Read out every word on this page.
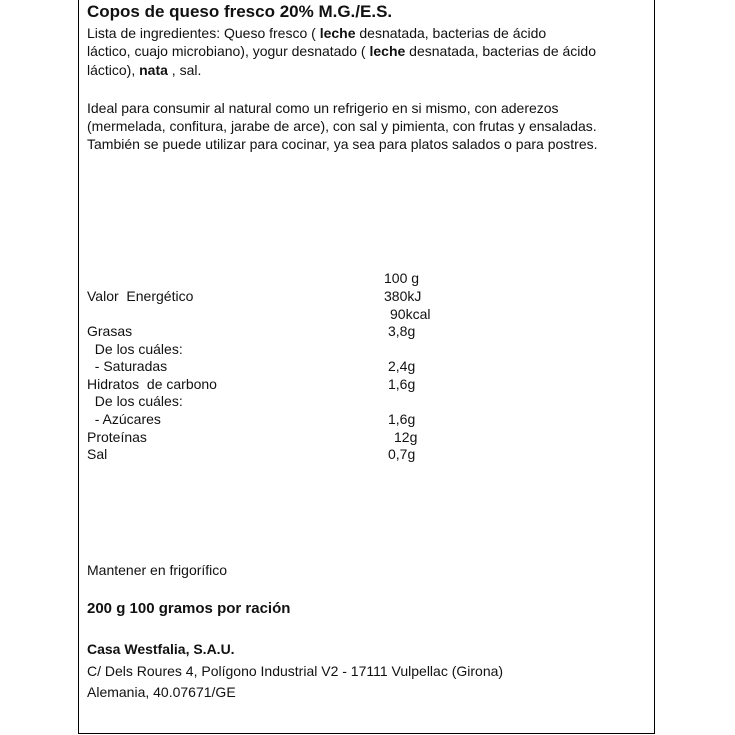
Copos de queso fresco 20% M.G./E.S.
Lista de ingredientes: Queso fresco ( leche desnatada, bacterias de ácido
láctico, cuajo microbiano), yogur desnatado ( leche desnatada, bacterias de ácido
láctico), nata , sal.
Ideal para consumir al natural como un refrigerio en si mismo, con aderezos
(mermelada, confitura, jarabe de arce), con sal y pimienta, con frutas y ensaladas.
También se puede utilizar para cocinar, ya sea para platos salados o para postres.
100 g
Valor  Energético	380kJ
90kcal
Grasas	3,8g
De los cuáles:
- Saturadas	2,4g
Hidratos  de carbono	1,6g
De los cuáles:
- Azúcares	1,6g
Proteínas	12g
Sal	0,7g
Mantener en frigorífico
200 g 100 gramos por ración
Casa Westfalia, S.A.U.
C/ Dels Roures 4, Polígono Industrial V2 - 17111 Vulpellac (Girona)
Alemania, 40.07671/GE
